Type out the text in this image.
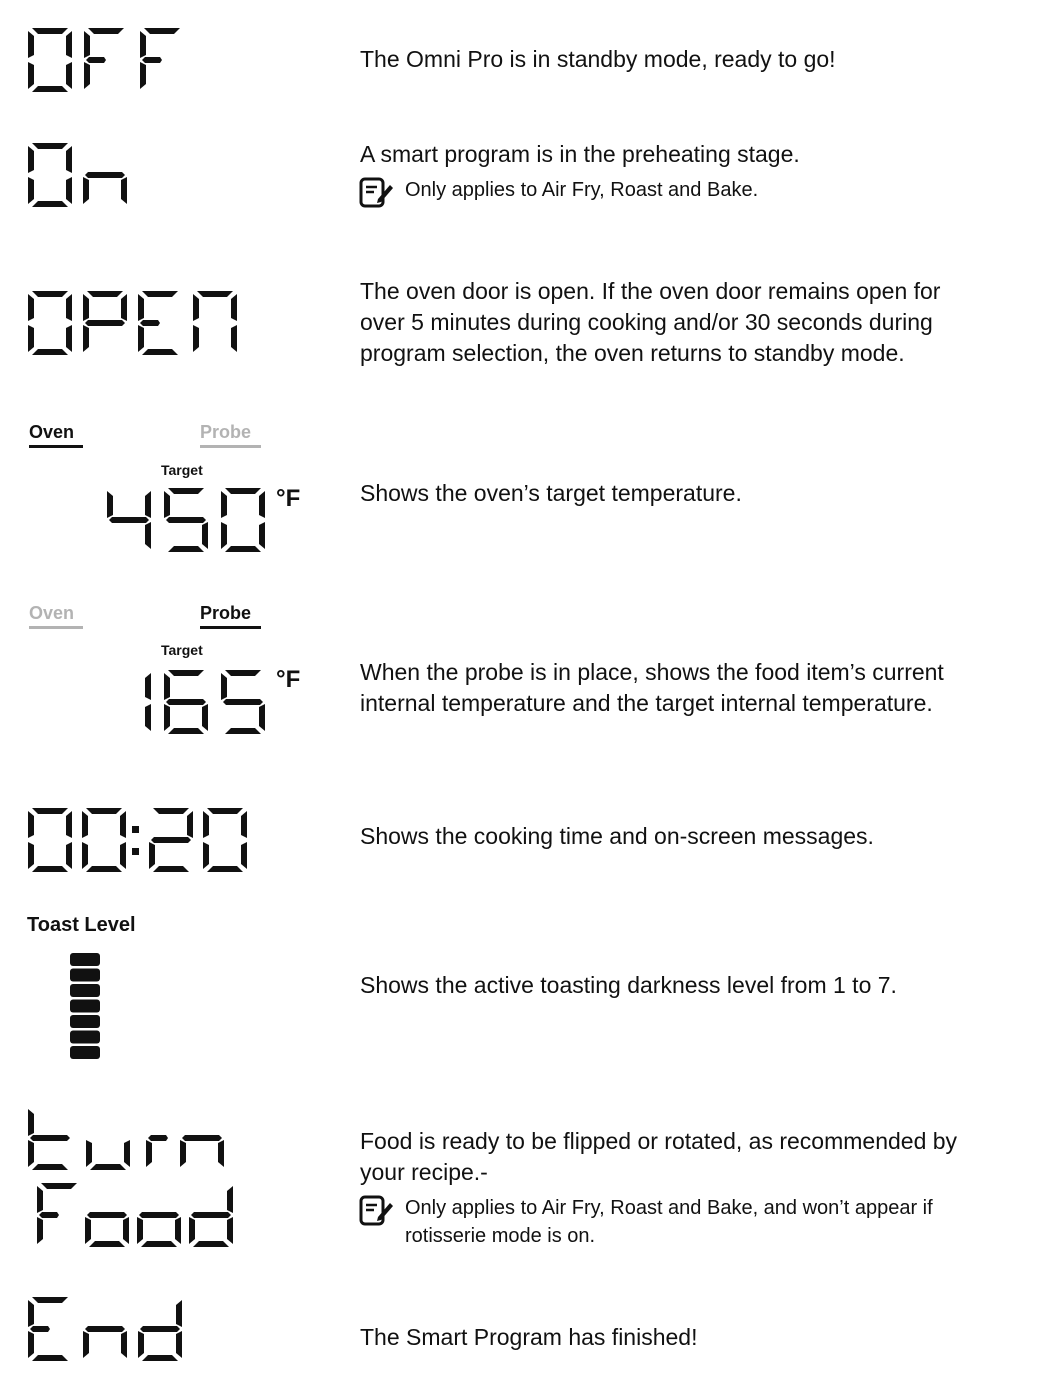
The Omni Pro is in standby mode, ready to go!
A smart program is in the preheating stage.
Only applies to Air Fry, Roast and Bake.
The oven door is open. If the oven door remains open for
over 5 minutes during cooking and/or 30 seconds during
program selection, the oven returns to standby mode.
Oven	Probe
Target
°F	Shows the oven’s target temperature.
Oven	Probe
Target
°F	When the probe is in place, shows the food item’s current
internal temperature and the target internal temperature.
Shows the cooking time and on-screen messages.
Toast Level
Shows the active toasting darkness level from 1 to 7.
Food is ready to be flipped or rotated, as recommended by
your recipe.-
Only applies to Air Fry, Roast and Bake, and won’t appear if
rotisserie mode is on.
The Smart Program has finished!
